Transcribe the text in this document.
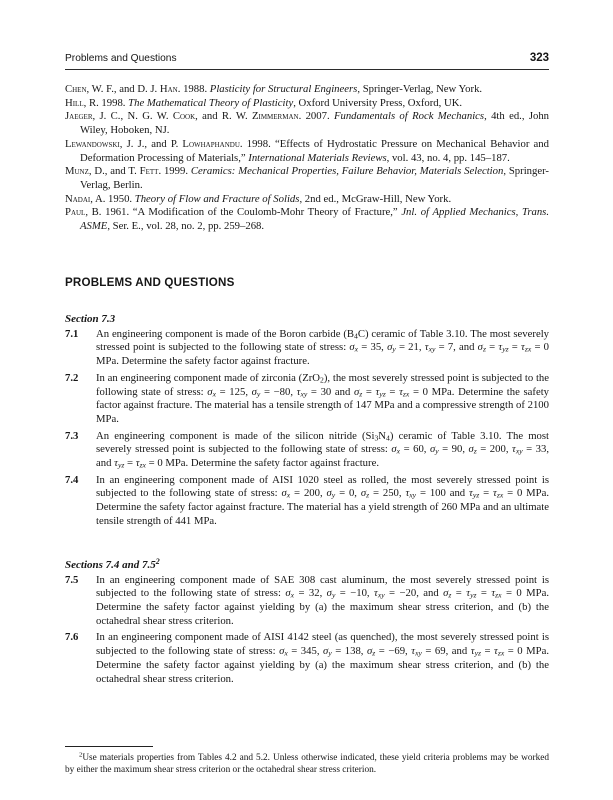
Problems and Questions	323

Chen, W. F., and D. J. Han. 1988. Plasticity for Structural Engineers, Springer-Verlag, New York.

Hill, R. 1998. The Mathematical Theory of Plasticity, Oxford University Press, Oxford, UK.

Jaeger, J. C., N. G. W. Cook, and R. W. Zimmerman. 2007. Fundamentals of Rock Mechanics, 4th ed., John Wiley, Hoboken, NJ.

Lewandowski, J. J., and P. Lowhaphandu. 1998. “Effects of Hydrostatic Pressure on Mechanical Behavior and Deformation Processing of Materials,” International Materials Reviews, vol. 43, no. 4, pp. 145–187.

Munz, D., and T. Fett. 1999. Ceramics: Mechanical Properties, Failure Behavior, Materials Selection, Springer-Verlag, Berlin.

Nadai, A. 1950. Theory of Flow and Fracture of Solids, 2nd ed., McGraw-Hill, New York.

Paul, B. 1961. “A Modification of the Coulomb-Mohr Theory of Fracture,” Jnl. of Applied Mechanics, Trans. ASME, Ser. E., vol. 28, no. 2, pp. 259–268.

PROBLEMS AND QUESTIONS
Section 7.3
7.1	An engineering component is made of the Boron carbide $(B_4C)$ ceramic of Table 3.10. The most severely stressed point is subjected to the following state of stress: $\sigma_x = 35$, $\sigma_y = 21$, $\tau_{xy} = 7$, and $\sigma_z = \tau_{yz} = \tau_{zx} = 0$ MPa. Determine the safety factor against fracture.
7.2	In an engineering component made of zirconia (ZrO$_2$), the most severely stressed point is subjected to the following state of stress: $\sigma_x = 125$, $\sigma_y = -80$, $\tau_{xy} = 30$ and $\sigma_z = \tau_{yz} = \tau_{zx} = 0$ MPa. Determine the safety factor against fracture. The material has a tensile strength of 147 MPa and a compressive strength of 2100 MPa.
7.3	An engineering component is made of the silicon nitride $(Si_3N_4)$ ceramic of Table 3.10. The most severely stressed point is subjected to the following state of stress: $\sigma_x = 60$, $\sigma_y = 90$, $\sigma_z = 200$, $\tau_{xy} = 33$, and $\tau_{yz} = \tau_{zx} = 0$ MPa. Determine the safety factor against fracture.
7.4	In an engineering component made of AISI 1020 steel as rolled, the most severely stressed point is subjected to the following state of stress: $\sigma_x = 200$, $\sigma_y = 0$, $\sigma_z = 250$, $\tau_{xy} = 100$ and $\tau_{yz} = \tau_{zx} = 0$ MPa. Determine the safety factor against fracture. The material has a yield strength of 260 MPa and an ultimate tensile strength of 441 MPa.
Sections 7.4 and $7.5^2$
7.5	In an engineering component made of SAE 308 cast aluminum, the most severely stressed point is subjected to the following state of stress: $\sigma_x = 32$, $\sigma_y = -10$, $\tau_{xy} = -20$, and $\sigma_z = \tau_{yz} = \tau_{zx} = 0$ MPa. Determine the safety factor against yielding by (a) the maximum shear stress criterion, and (b) the octahedral shear stress criterion.
7.6	In an engineering component made of AISI 4142 steel (as quenched), the most severely stressed point is subjected to the following state of stress: $\sigma_x = 345$, $\sigma_y = 138$, $\sigma_z = -69$, $\tau_{xy} = 69$, and $\tau_{yz} = \tau_{zx} = 0$ MPa. Determine the safety factor against yielding by (a) the maximum shear stress criterion, and (b) the octahedral shear stress criterion.

$^2$Use materials properties from Tables 4.2 and 5.2. Unless otherwise indicated, these yield criteria problems may be worked by either the maximum shear stress criterion or the octahedral shear stress criterion.
